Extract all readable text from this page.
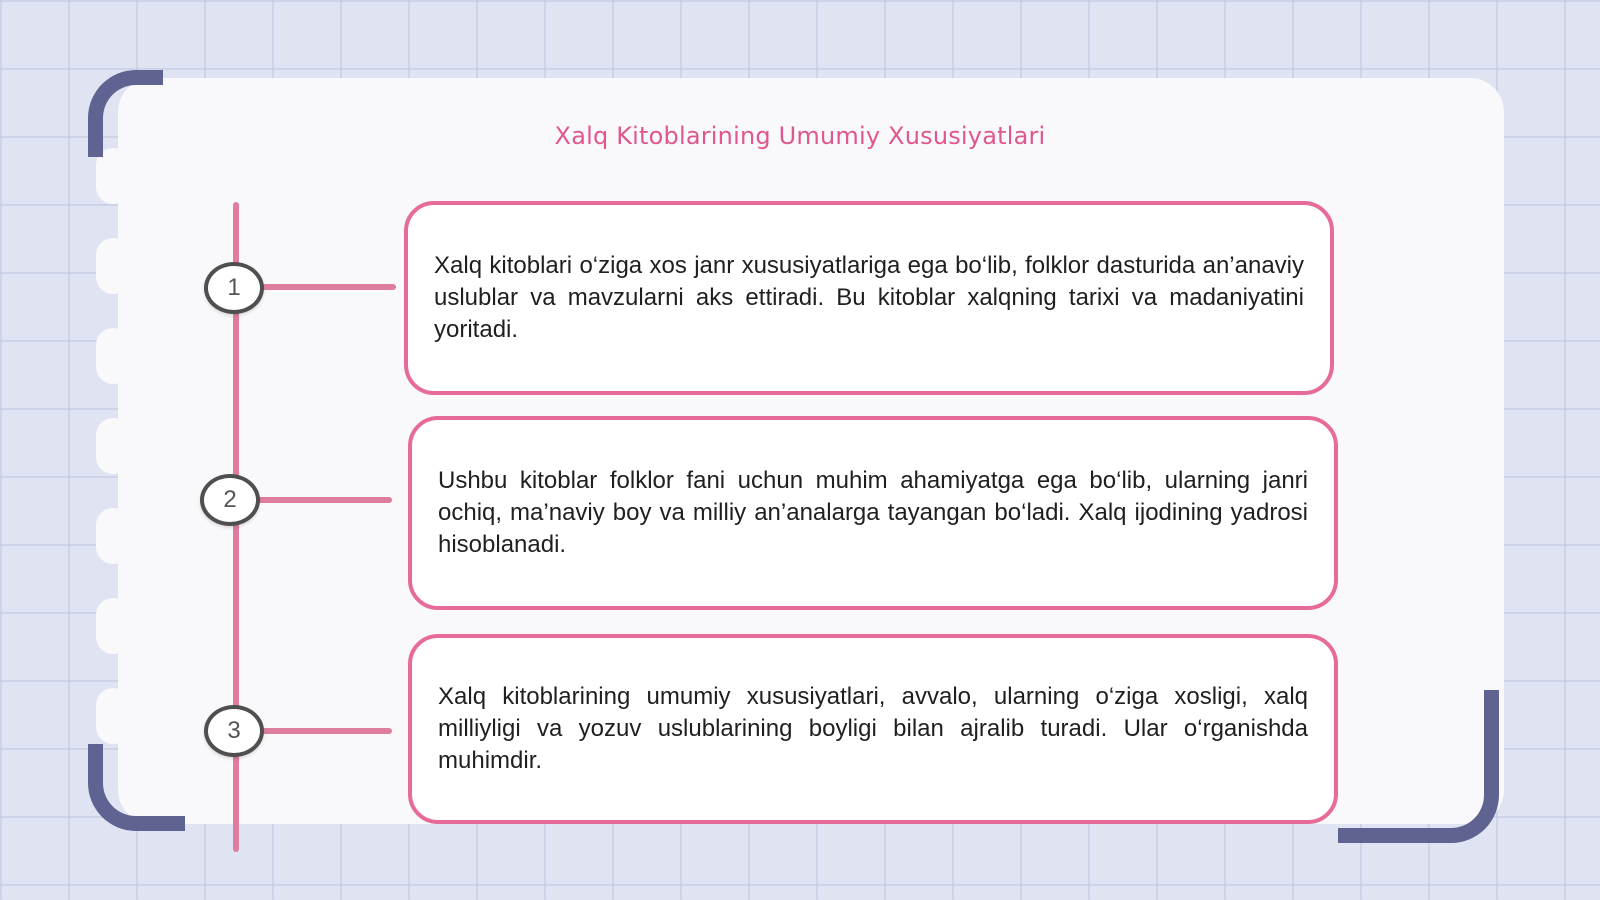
Xalq Kitoblarining Umumiy Xususiyatlari
1

Xalq kitoblari o‘ziga xos janr xususiyatlariga ega bo‘lib, folklor dasturida an’anaviy uslublar va mavzularni aks ettiradi. Bu kitoblar xalqning tarixi va madaniyatini yoritadi.

2

Ushbu kitoblar folklor fani uchun muhim ahamiyatga ega bo‘lib, ularning janri ochiq, ma’naviy boy va milliy an’analarga tayangan bo‘ladi. Xalq ijodining yadrosi hisoblanadi.

3

Xalq kitoblarining umumiy xususiyatlari, avvalo, ularning o‘ziga xosligi, xalq milliyligi va yozuv uslublarining boyligi bilan ajralib turadi. Ular o‘rganishda muhimdir.
